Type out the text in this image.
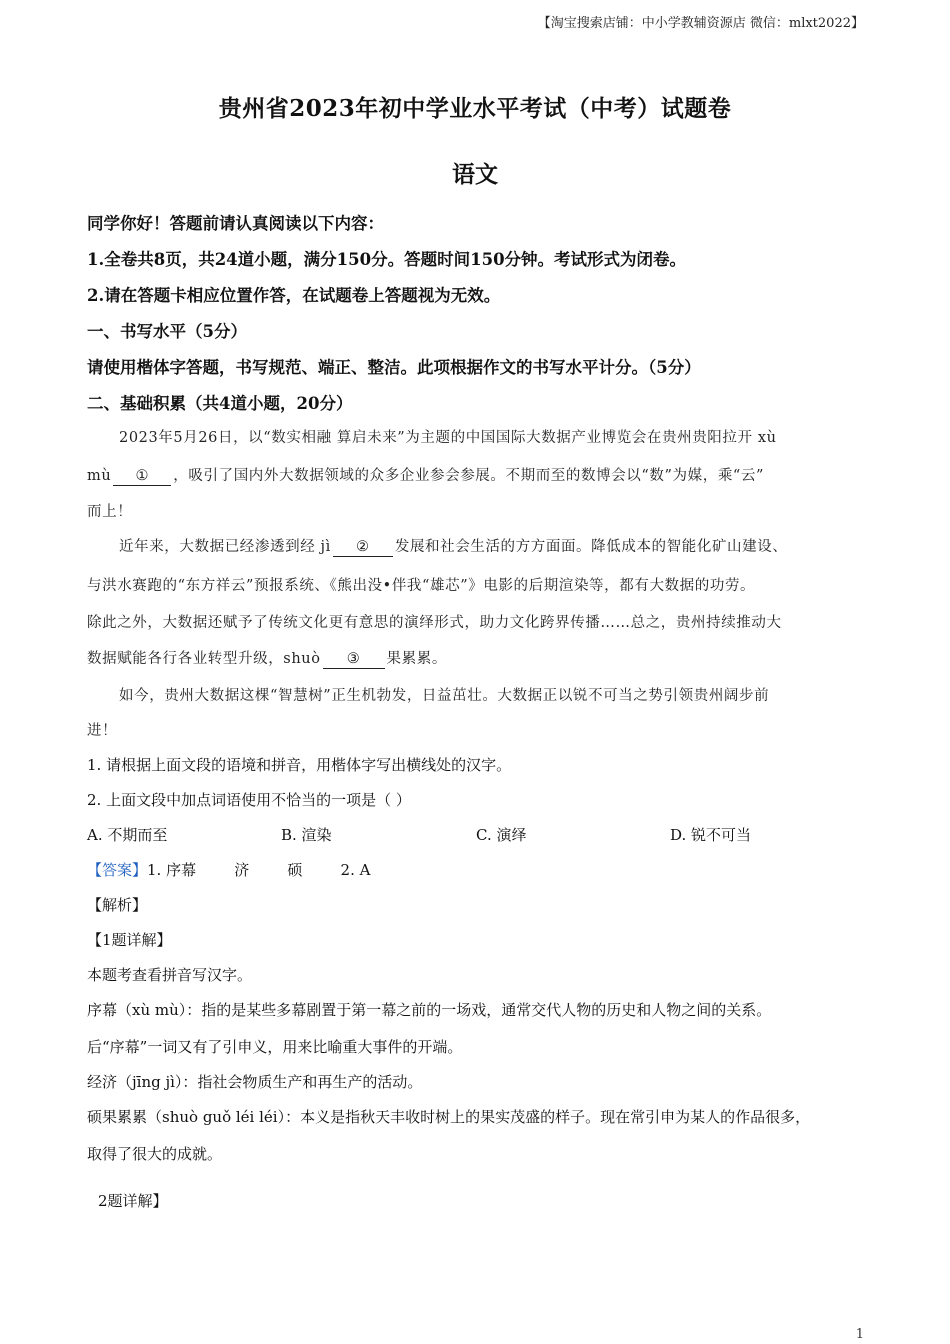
【淘宝搜索店铺：中小学教辅资源店 微信：mlxt2022】
贵州省2023年初中学业水平考试（中考）试题卷
语文
同学你好！答题前请认真阅读以下内容：
1.全卷共8页，共24道小题，满分150分。答题时间150分钟。考试形式为闭卷。
2.请在答题卡相应位置作答，在试题卷上答题视为无效。
一、书写水平（5分）
请使用楷体字答题，书写规范、端正、整洁。此项根据作文的书写水平计分。（5分）
二、基础积累（共4道小题，20分）
2023年5月26日，以“数实相融 算启未来”为主题的中国国际大数据产业博览会在贵州贵阳拉开 xù
mù ① ，吸引了国内外大数据领域的众多企业参会参展。不期而至的数博会以“数”为媒，乘“云”
而上！
近年来，大数据已经渗透到经 jì ② 发展和社会生活的方方面面。降低成本的智能化矿山建设、
与洪水赛跑的“东方祥云”预报系统、《熊出没•伴我“雄芯”》电影的后期渲染等，都有大数据的功劳。
除此之外，大数据还赋予了传统文化更有意思的演绎形式，助力文化跨界传播……总之，贵州持续推动大
数据赋能各行各业转型升级，shuò ③ 果累累。
如今，贵州大数据这棵“智慧树”正生机勃发，日益茁壮。大数据正以锐不可当之势引领贵州阔步前
进！
1. 请根据上面文段的语境和拼音，用楷体字写出横线处的汉字。
2. 上面文段中加点词语使用不恰当的一项是（ ）
A. 不期而至	B. 渲染	C. 演绎	D. 锐不可当
【答案】1. 序幕        济        硕        2. A
【解析】
【1题详解】
本题考查看拼音写汉字。
序幕（xù mù）：指的是某些多幕剧置于第一幕之前的一场戏，通常交代人物的历史和人物之间的关系。
后“序幕”一词又有了引申义，用来比喻重大事件的开端。
经济（jīng jì）：指社会物质生产和再生产的活动。
硕果累累（shuò guǒ léi léi）：本义是指秋天丰收时树上的果实茂盛的样子。现在常引申为某人的作品很多，
取得了很大的成就。
2题详解】
1
